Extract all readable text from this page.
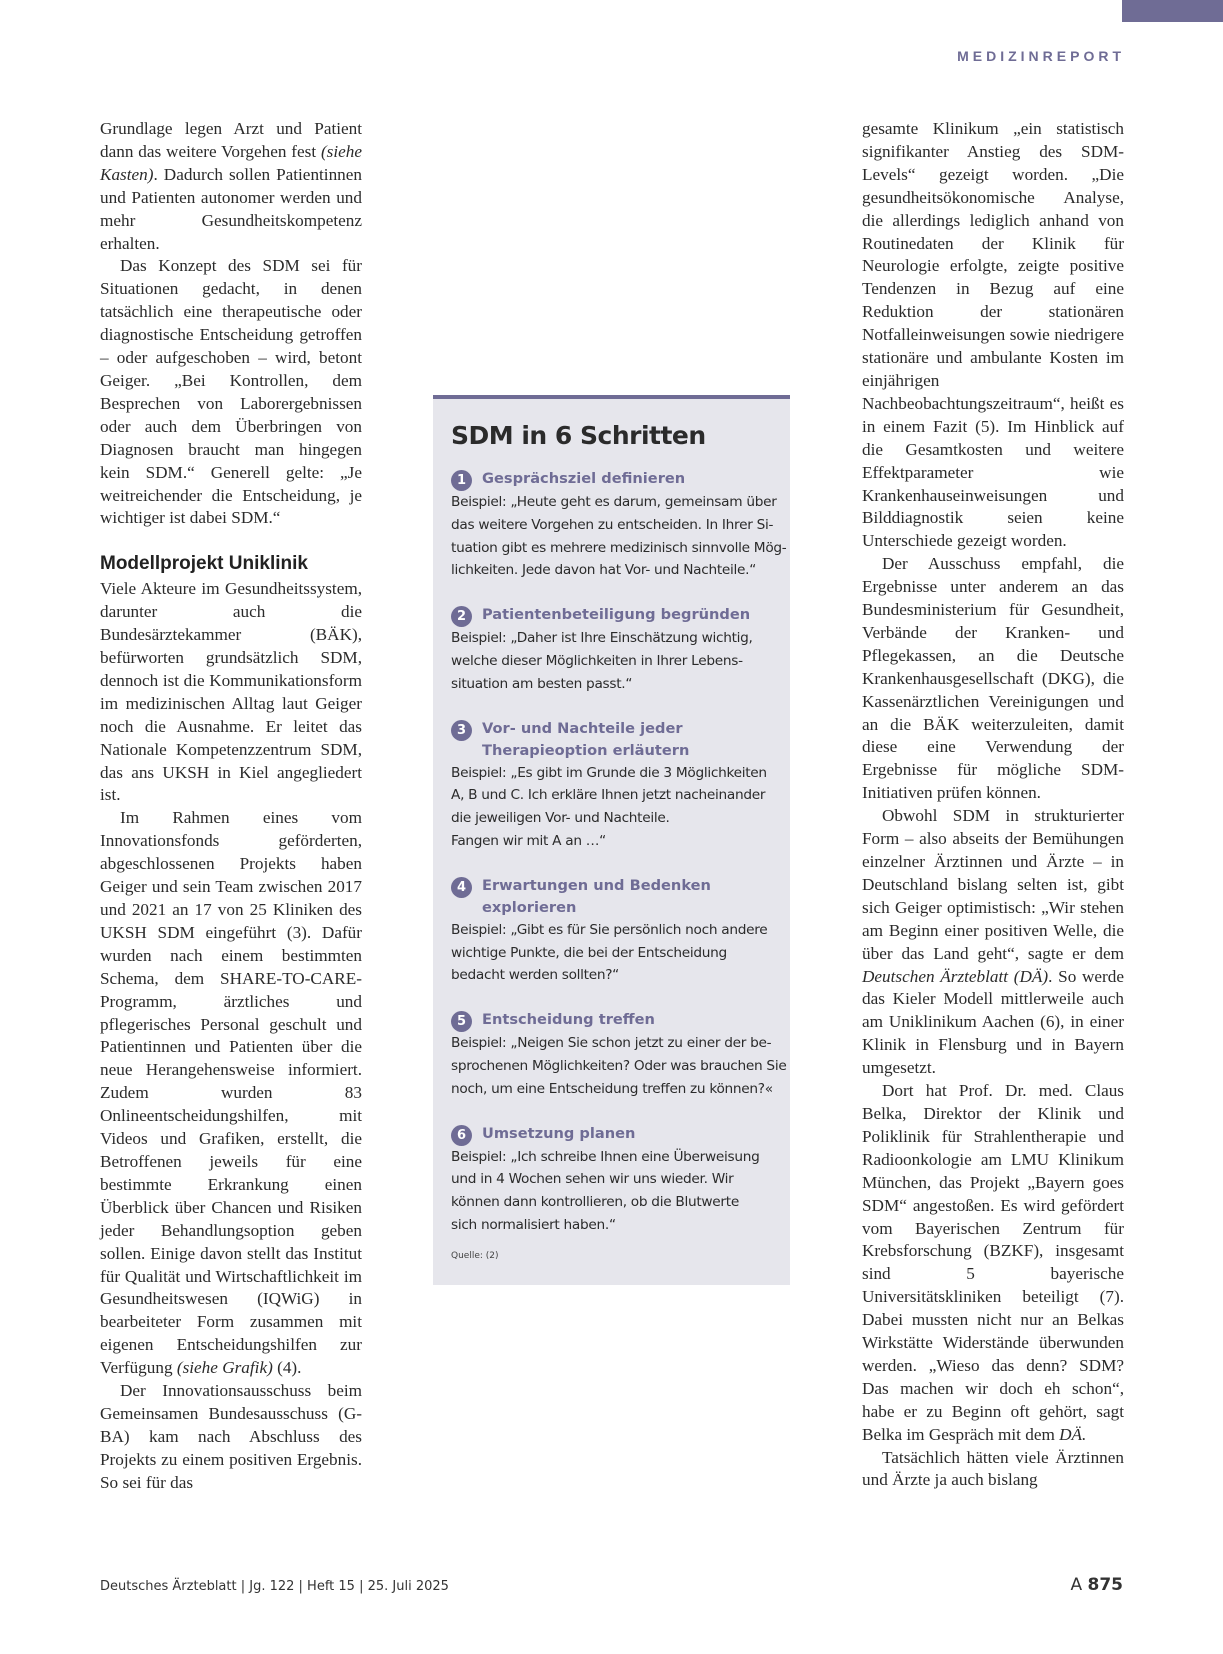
MEDIZINREPORT

Grundlage legen Arzt und Patient dann das weitere Vorgehen fest (siehe Kasten). Dadurch sollen Patientinnen und Patienten autonomer werden und mehr Gesundheitskompetenz erhalten.

Das Konzept des SDM sei für Situationen gedacht, in denen tatsächlich eine therapeutische oder diagnostische Entscheidung getroffen – oder aufgeschoben – wird, betont Geiger. „Bei Kontrollen, dem Besprechen von Laborergebnissen oder auch dem Überbringen von Diagnosen braucht man hingegen kein SDM.“ Generell gelte: „Je weitreichender die Entscheidung, je wichtiger ist dabei SDM.“

Modellprojekt Uniklinik

Viele Akteure im Gesundheitssystem, darunter auch die Bundesärztekammer (BÄK), befürworten grundsätzlich SDM, dennoch ist die Kommunikationsform im medizinischen Alltag laut Geiger noch die Ausnahme. Er leitet das Nationale Kompetenzzentrum SDM, das ans UKSH in Kiel angegliedert ist.

Im Rahmen eines vom Innovationsfonds geförderten, abgeschlossenen Projekts haben Geiger und sein Team zwischen 2017 und 2021 an 17 von 25 Kliniken des UKSH SDM eingeführt (3). Dafür wurden nach einem bestimmten Schema, dem SHARE-TO-CARE-Programm, ärztliches und pflegerisches Personal geschult und Patientinnen und Patienten über die neue Herangehensweise informiert. Zudem wurden 83 Onlineentscheidungshilfen, mit Videos und Grafiken, erstellt, die Betroffenen jeweils für eine bestimmte Erkrankung einen Überblick über Chancen und Risiken jeder Behandlungsoption geben sollen. Einige davon stellt das Institut für Qualität und Wirtschaftlichkeit im Gesundheitswesen (IQWiG) in bearbeiteter Form zusammen mit eigenen Entscheidungshilfen zur Verfügung (siehe Grafik) (4).

Der Innovationsausschuss beim Gemeinsamen Bundesausschuss (G-BA) kam nach Abschluss des Projekts zu einem positiven Ergebnis. So sei für das

gesamte Klinikum „ein statistisch signifikanter Anstieg des SDM-Levels“ gezeigt worden. „Die gesundheitsökonomische Analyse, die allerdings lediglich anhand von Routinedaten der Klinik für Neurologie erfolgte, zeigte positive Tendenzen in Bezug auf eine Reduktion der stationären Notfalleinweisungen sowie niedrigere stationäre und ambulante Kosten im einjährigen Nachbeobachtungszeitraum“, heißt es in einem Fazit (5). Im Hinblick auf die Gesamtkosten und weitere Effektparameter wie Krankenhauseinweisungen und Bilddiagnostik seien keine Unterschiede gezeigt worden.

Der Ausschuss empfahl, die Ergebnisse unter anderem an das Bundesministerium für Gesundheit, Verbände der Kranken- und Pflegekassen, an die Deutsche Krankenhausgesellschaft (DKG), die Kassenärztlichen Vereinigungen und an die BÄK weiterzuleiten, damit diese eine Verwendung der Ergebnisse für mögliche SDM-Initiativen prüfen können.

Obwohl SDM in strukturierter Form – also abseits der Bemühungen einzelner Ärztinnen und Ärzte – in Deutschland bislang selten ist, gibt sich Geiger optimistisch: „Wir stehen am Beginn einer positiven Welle, die über das Land geht“, sagte er dem Deutschen Ärzteblatt (DÄ). So werde das Kieler Modell mittlerweile auch am Uniklinikum Aachen (6), in einer Klinik in Flensburg und in Bayern umgesetzt.

Dort hat Prof. Dr. med. Claus Belka, Direktor der Klinik und Poliklinik für Strahlentherapie und Radioonkologie am LMU Klinikum München, das Projekt „Bayern goes SDM“ angestoßen. Es wird gefördert vom Bayerischen Zentrum für Krebsforschung (BZKF), insgesamt sind 5 bayerische Universitätskliniken beteiligt (7). Dabei mussten nicht nur an Belkas Wirkstätte Widerstände überwunden werden. „Wieso das denn? SDM? Das machen wir doch eh schon“, habe er zu Beginn oft gehört, sagt Belka im Gespräch mit dem DÄ.

Tatsächlich hätten viele Ärztinnen und Ärzte ja auch bislang

SDM in 6 Schritten
1	Gesprächsziel definieren
Beispiel: „Heute geht es darum, gemeinsam über
das weitere Vorgehen zu entscheiden. In Ihrer Si-
tuation gibt es mehrere medizinisch sinnvolle Mög-
lichkeiten. Jede davon hat Vor- und Nachteile.“
2	Patientenbeteiligung begründen
Beispiel: „Daher ist Ihre Einschätzung wichtig,
welche dieser Möglichkeiten in Ihrer Lebens-
situation am besten passt.“
3	Vor- und Nachteile jeder Therapieoption erläutern
Beispiel: „Es gibt im Grunde die 3 Möglichkeiten
A, B und C. Ich erkläre Ihnen jetzt nacheinander
die jeweiligen Vor- und Nachteile.
Fangen wir mit A an …“
4	Erwartungen und Bedenken explorieren
Beispiel: „Gibt es für Sie persönlich noch andere
wichtige Punkte, die bei der Entscheidung
bedacht werden sollten?“
5	Entscheidung treffen
Beispiel: „Neigen Sie schon jetzt zu einer der be-
sprochenen Möglichkeiten? Oder was brauchen Sie
noch, um eine Entscheidung treffen zu können?«
6	Umsetzung planen
Beispiel: „Ich schreibe Ihnen eine Überweisung
und in 4 Wochen sehen wir uns wieder. Wir
können dann kontrollieren, ob die Blutwerte
sich normalisiert haben.“
Quelle: (2)
Deutsches Ärzteblatt | Jg. 122 | Heft 15 | 25. Juli 2025	A 875
